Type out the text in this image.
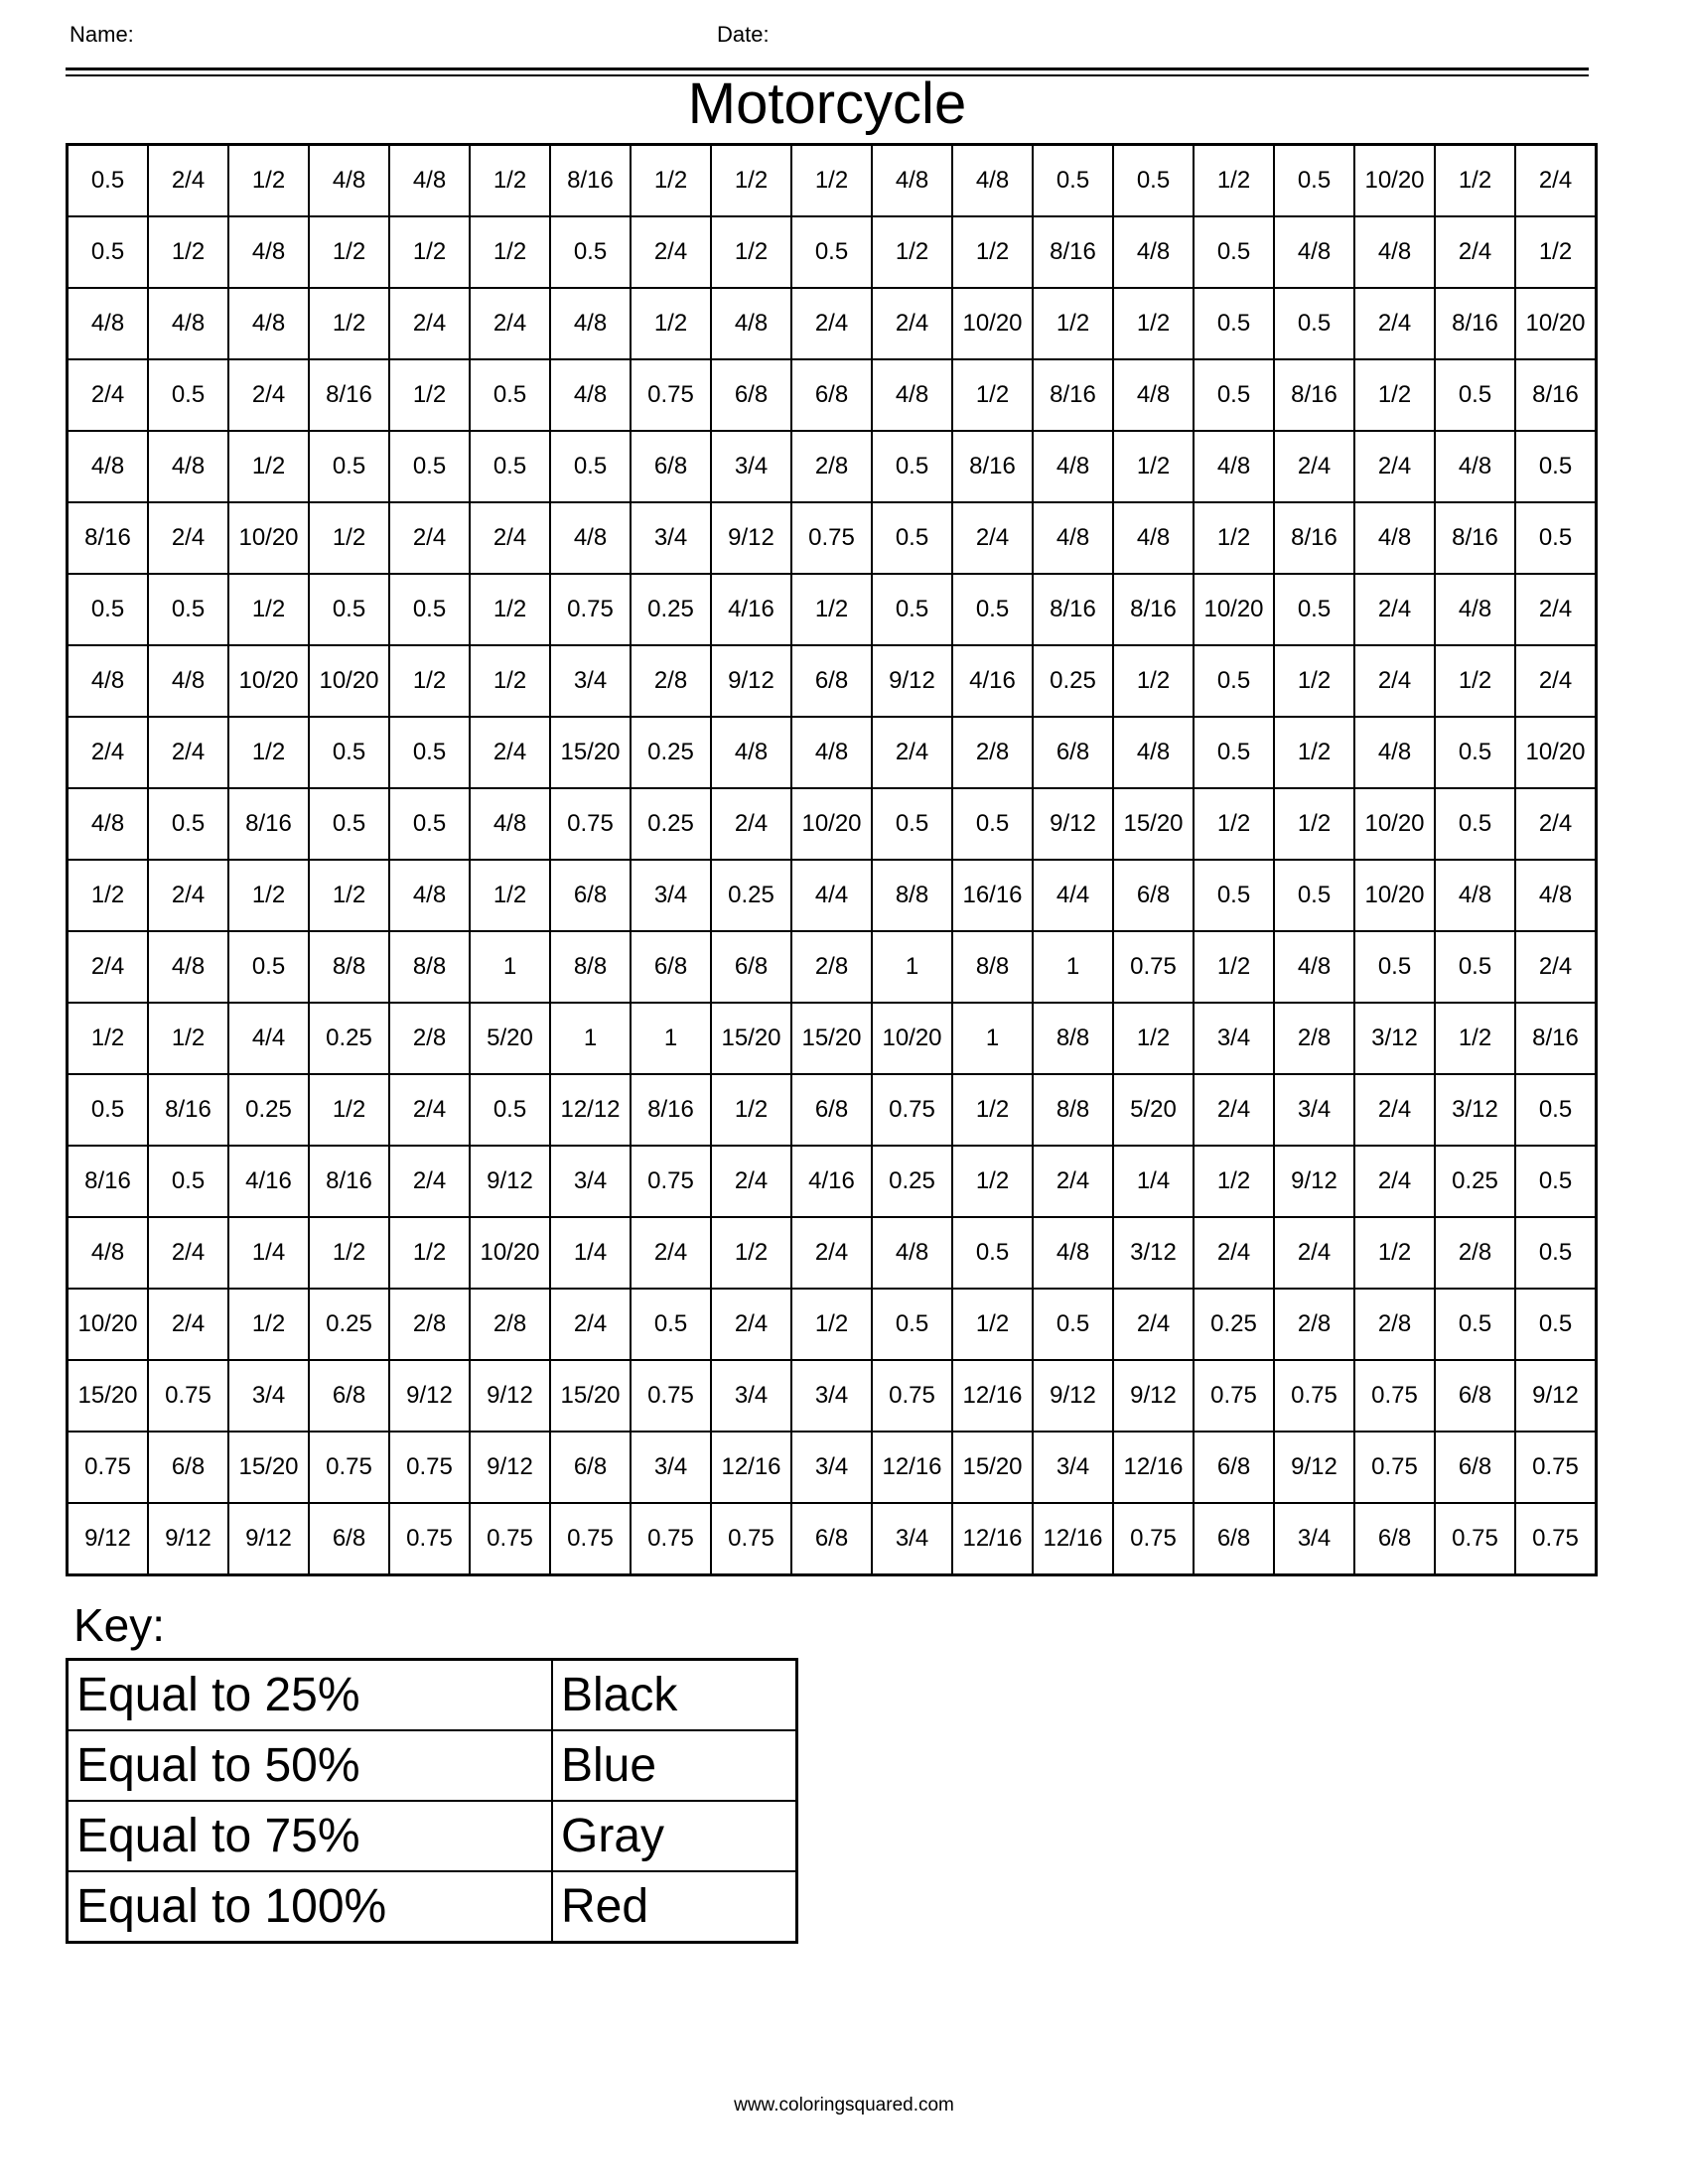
Name:	Date:
Motorcycle
0.5	2/4	1/2	4/8	4/8	1/2	8/16	1/2	1/2	1/2	4/8	4/8	0.5	0.5	1/2	0.5	10/20	1/2	2/4
0.5	1/2	4/8	1/2	1/2	1/2	0.5	2/4	1/2	0.5	1/2	1/2	8/16	4/8	0.5	4/8	4/8	2/4	1/2
4/8	4/8	4/8	1/2	2/4	2/4	4/8	1/2	4/8	2/4	2/4	10/20	1/2	1/2	0.5	0.5	2/4	8/16	10/20
2/4	0.5	2/4	8/16	1/2	0.5	4/8	0.75	6/8	6/8	4/8	1/2	8/16	4/8	0.5	8/16	1/2	0.5	8/16
4/8	4/8	1/2	0.5	0.5	0.5	0.5	6/8	3/4	2/8	0.5	8/16	4/8	1/2	4/8	2/4	2/4	4/8	0.5
8/16	2/4	10/20	1/2	2/4	2/4	4/8	3/4	9/12	0.75	0.5	2/4	4/8	4/8	1/2	8/16	4/8	8/16	0.5
0.5	0.5	1/2	0.5	0.5	1/2	0.75	0.25	4/16	1/2	0.5	0.5	8/16	8/16	10/20	0.5	2/4	4/8	2/4
4/8	4/8	10/20	10/20	1/2	1/2	3/4	2/8	9/12	6/8	9/12	4/16	0.25	1/2	0.5	1/2	2/4	1/2	2/4
2/4	2/4	1/2	0.5	0.5	2/4	15/20	0.25	4/8	4/8	2/4	2/8	6/8	4/8	0.5	1/2	4/8	0.5	10/20
4/8	0.5	8/16	0.5	0.5	4/8	0.75	0.25	2/4	10/20	0.5	0.5	9/12	15/20	1/2	1/2	10/20	0.5	2/4
1/2	2/4	1/2	1/2	4/8	1/2	6/8	3/4	0.25	4/4	8/8	16/16	4/4	6/8	0.5	0.5	10/20	4/8	4/8
2/4	4/8	0.5	8/8	8/8	1	8/8	6/8	6/8	2/8	1	8/8	1	0.75	1/2	4/8	0.5	0.5	2/4
1/2	1/2	4/4	0.25	2/8	5/20	1	1	15/20	15/20	10/20	1	8/8	1/2	3/4	2/8	3/12	1/2	8/16
0.5	8/16	0.25	1/2	2/4	0.5	12/12	8/16	1/2	6/8	0.75	1/2	8/8	5/20	2/4	3/4	2/4	3/12	0.5
8/16	0.5	4/16	8/16	2/4	9/12	3/4	0.75	2/4	4/16	0.25	1/2	2/4	1/4	1/2	9/12	2/4	0.25	0.5
4/8	2/4	1/4	1/2	1/2	10/20	1/4	2/4	1/2	2/4	4/8	0.5	4/8	3/12	2/4	2/4	1/2	2/8	0.5
10/20	2/4	1/2	0.25	2/8	2/8	2/4	0.5	2/4	1/2	0.5	1/2	0.5	2/4	0.25	2/8	2/8	0.5	0.5
15/20	0.75	3/4	6/8	9/12	9/12	15/20	0.75	3/4	3/4	0.75	12/16	9/12	9/12	0.75	0.75	0.75	6/8	9/12
0.75	6/8	15/20	0.75	0.75	9/12	6/8	3/4	12/16	3/4	12/16	15/20	3/4	12/16	6/8	9/12	0.75	6/8	0.75
9/12	9/12	9/12	6/8	0.75	0.75	0.75	0.75	0.75	6/8	3/4	12/16	12/16	0.75	6/8	3/4	6/8	0.75	0.75
Key:
Equal to 25%	Black
Equal to 50%	Blue
Equal to 75%	Gray
Equal to 100%	Red
www.coloringsquared.com
